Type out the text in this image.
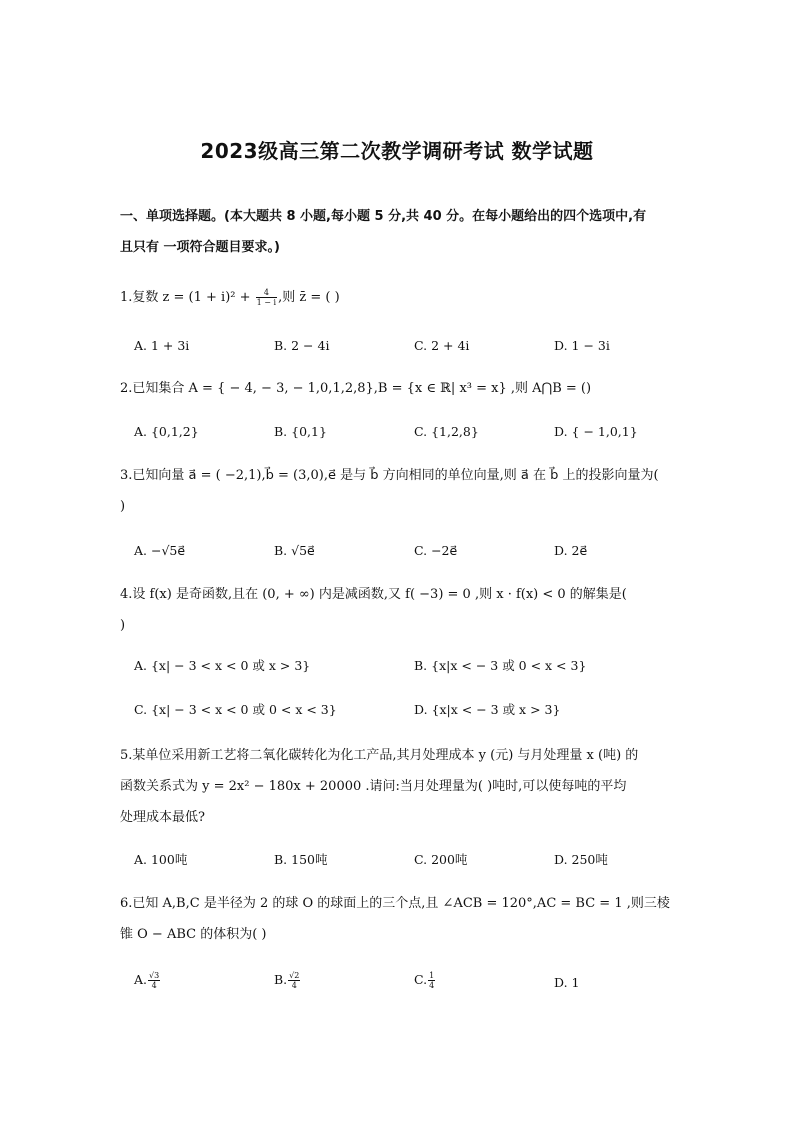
2023级高三第二次教学调研考试 数学试题
一、单项选择题。(本大题共 8 小题,每小题 5 分,共 40 分。在每小题给出的四个选项中,有
且只有 一项符合题目要求。)
1.复数 $z = (1 + i)^2 + \frac{4}{1 - i}$ ,则 z̄ = ( )
A. 1 + 3i	B. 2 − 4i	C. 2 + 4i	D. 1 − 3i
2.已知集合 A = { − 4, − 3, − 1,0,1,2,8},B = {x ∈ ℝ| x³ = x} ,则 A⋂B = ()
A. {0,1,2}	B. {0,1}	C. {1,2,8}	D. { − 1,0,1}
3.已知向量 a⃗ = ( −2,1),b⃗ = (3,0),e⃗ 是与 b⃗ 方向相同的单位向量,则 a⃗ 在 b⃗ 上的投影向量为(
)
A. −√5e⃗	B. √5e⃗	C. −2e⃗	D. 2e⃗
4.设 f(x) 是奇函数,且在 (0, + ∞) 内是减函数,又 f( −3) = 0 ,则 x · f(x) < 0 的解集是(
)
A. {x| − 3 < x < 0 或 x > 3}	B. {x|x < − 3 或 0 < x < 3}
C. {x| − 3 < x < 0 或 0 < x < 3}	D. {x|x < − 3 或 x > 3}
5.某单位采用新工艺将二氧化碳转化为化工产品,其月处理成本 y (元) 与月处理量 x (吨) 的
函数关系式为 y = 2x² − 180x + 20000 .请问:当月处理量为( )吨时,可以使每吨的平均
处理成本最低?
A. 100吨	B. 150吨	C. 200吨	D. 250吨
6.已知 A,B,C 是半径为 2 的球 O 的球面上的三个点,且 ∠ACB = 120°,AC = BC = 1 ,则三棱
锥 O − ABC 的体积为( )
A. $\frac{√3}{4}$	B. $\frac{√2}{4}$	C. $\frac{1}{4}$	D. 1
